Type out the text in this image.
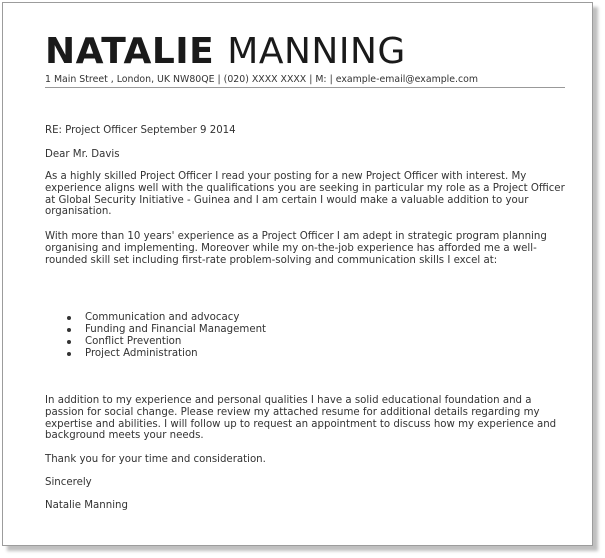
NATALIE MANNING
1 Main Street , London, UK NW80QE | (020) XXXX XXXX | M: | example-email@example.com

RE: Project Officer September 9 2014

Dear Mr. Davis

As a highly skilled Project Officer I read your posting for a new Project Officer with interest. My experience aligns well with the qualifications you are seeking in particular my role as a Project Officer at Global Security Initiative - Guinea and I am certain I would make a valuable addition to your organisation.

With more than 10 years' experience as a Project Officer I am adept in strategic program planning organising and implementing. Moreover while my on-the-job experience has afforded me a well-rounded skill set including first-rate problem-solving and communication skills I excel at:

Communication and advocacy
Funding and Financial Management
Conflict Prevention
Project Administration

In addition to my experience and personal qualities I have a solid educational foundation and a passion for social change. Please review my attached resume for additional details regarding my expertise and abilities. I will follow up to request an appointment to discuss how my experience and background meets your needs.

Thank you for your time and consideration.

Sincerely

Natalie Manning
